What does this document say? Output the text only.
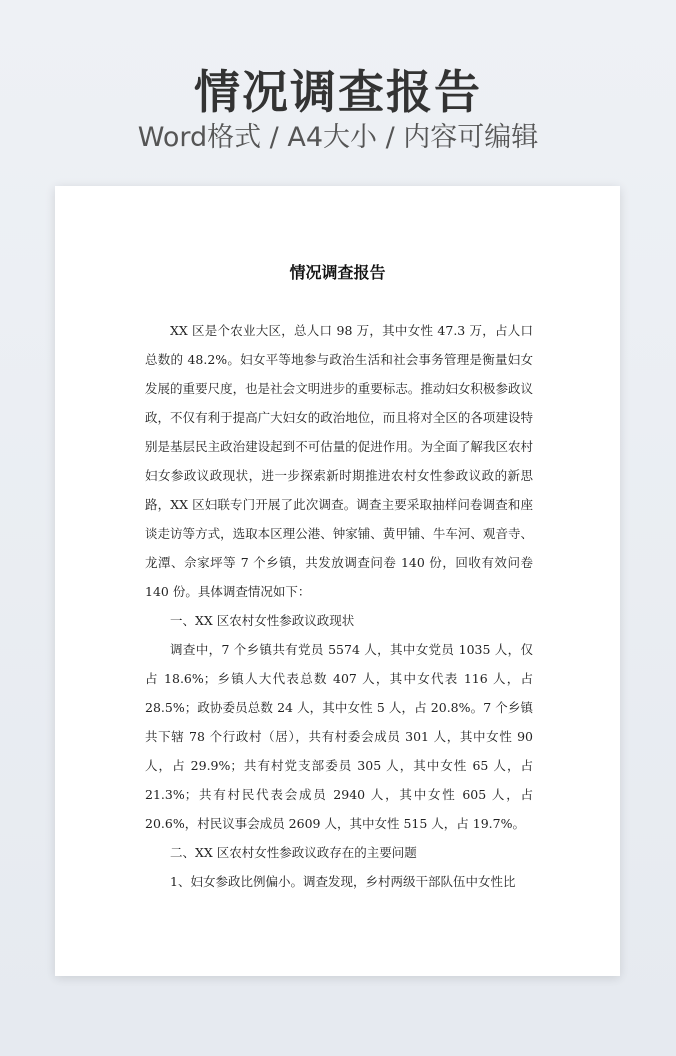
情况调查报告
Word格式 / A4大小 / 内容可编辑
情况调查报告

XX 区是个农业大区，总人口 98 万，其中女性 47.3 万，占人口总数的 48.2%。妇女平等地参与政治生活和社会事务管理是衡量妇女发展的重要尺度，也是社会文明进步的重要标志。推动妇女积极参政议政，不仅有利于提高广大妇女的政治地位，而且将对全区的各项建设特别是基层民主政治建设起到不可估量的促进作用。为全面了解我区农村妇女参政议政现状，进一步探索新时期推进农村女性参政议政的新思路，XX 区妇联专门开展了此次调查。调查主要采取抽样问卷调查和座谈走访等方式，选取本区理公港、钟家铺、黄甲铺、牛车河、观音寺、龙潭、佘家坪等 7 个乡镇，共发放调查问卷 140 份，回收有效问卷 140 份。具体调查情况如下：

一、XX 区农村女性参政议政现状

调查中，7 个乡镇共有党员 5574 人，其中女党员 1035 人，仅占 18.6%；乡镇人大代表总数 407 人，其中女代表 116 人，占 28.5%；政协委员总数 24 人，其中女性 5 人，占 20.8%。7 个乡镇共下辖 78 个行政村（居），共有村委会成员 301 人，其中女性 90 人，占 29.9%；共有村党支部委员 305 人，其中女性 65 人，占 21.3%；共有村民代表会成员 2940 人，其中女性 605 人，占 20.6%，村民议事会成员 2609 人，其中女性 515 人，占 19.7%。

二、XX 区农村女性参政议政存在的主要问题

1、妇女参政比例偏小。调查发现，乡村两级干部队伍中女性比
